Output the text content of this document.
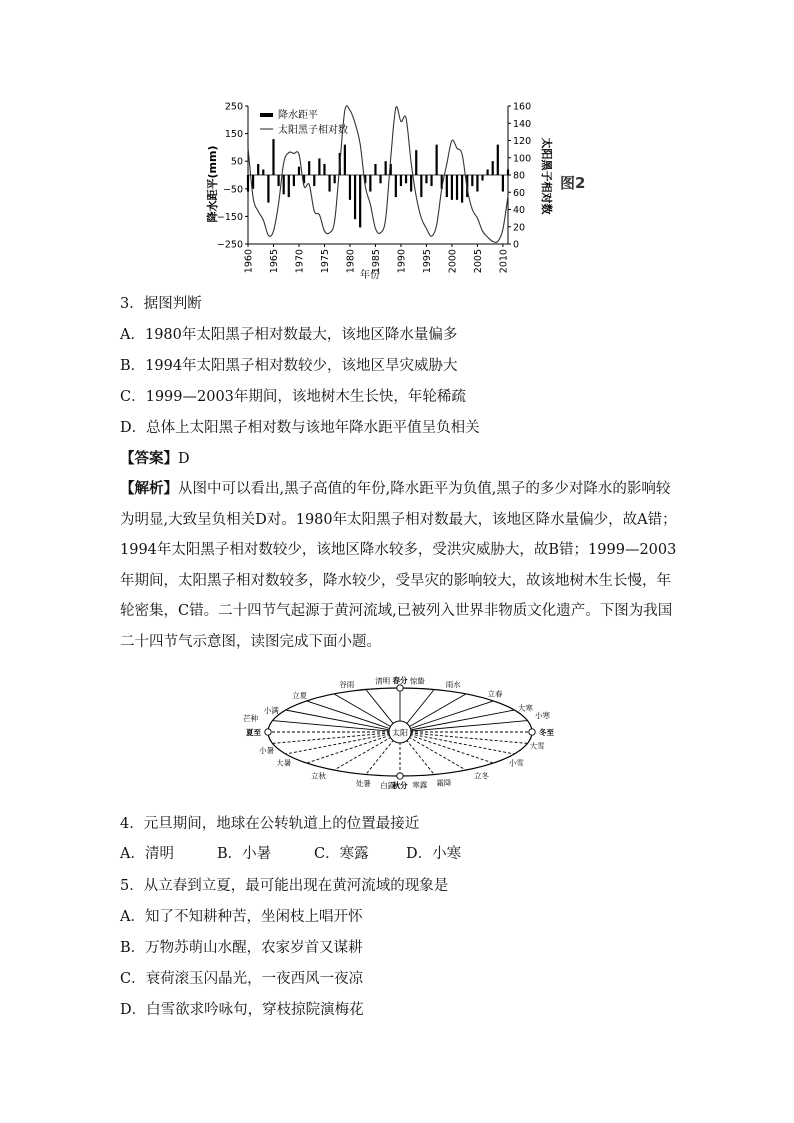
降水距平(mm)	太阳黑子相对数
年份
图2
降水距平
太阳黑子相对数
250
150
50
−50
−150
−250
160
140
120
100
80
60
40
20
0
1960 1965 1970 1975 1980 1985 1990 1995 2000 2005 2010
3．据图判断
A．1980年太阳黑子相对数最大，该地区降水量偏多
B．1994年太阳黑子相对数较少，该地区旱灾威胁大
C．1999—2003年期间，该地树木生长快，年轮稀疏
D．总体上太阳黑子相对数与该地年降水距平值呈负相关
【答案】D
【解析】从图中可以看出,黑子高值的年份,降水距平为负值,黑子的多少对降水的影响较为明显,大致呈负相关D对。1980年太阳黑子相对数最大，该地区降水量偏少，故A错；1994年太阳黑子相对数较少，该地区降水较多，受洪灾威胁大，故B错；1999—2003年期间，太阳黑子相对数较多，降水较少，受旱灾的影响较大，故该地树木生长慢，年轮密集，C错。二十四节气起源于黄河流域,已被列入世界非物质文化遗产。下图为我国二十四节气示意图，读图完成下面小题。
太阳
小满
立夏
谷雨	清明 春分 惊蛰	雨水
立春
大寒
小暑
大暑
立秋
处暑 白露
秋分 寒露 霜降
立冬
小雪
大雪
芒种
夏至
小寒
冬至
4．元旦期间，地球在公转轨道上的位置最接近
A．清明	B．小暑	C．寒露	D．小寒
5．从立春到立夏，最可能出现在黄河流域的现象是
A．知了不知耕种苦，坐闲枝上唱开怀
B．万物苏萌山水醒，农家岁首又谋耕
C．衰荷滚玉闪晶光，一夜西风一夜凉
D．白雪欲求吟咏句，穿枝掠院演梅花
